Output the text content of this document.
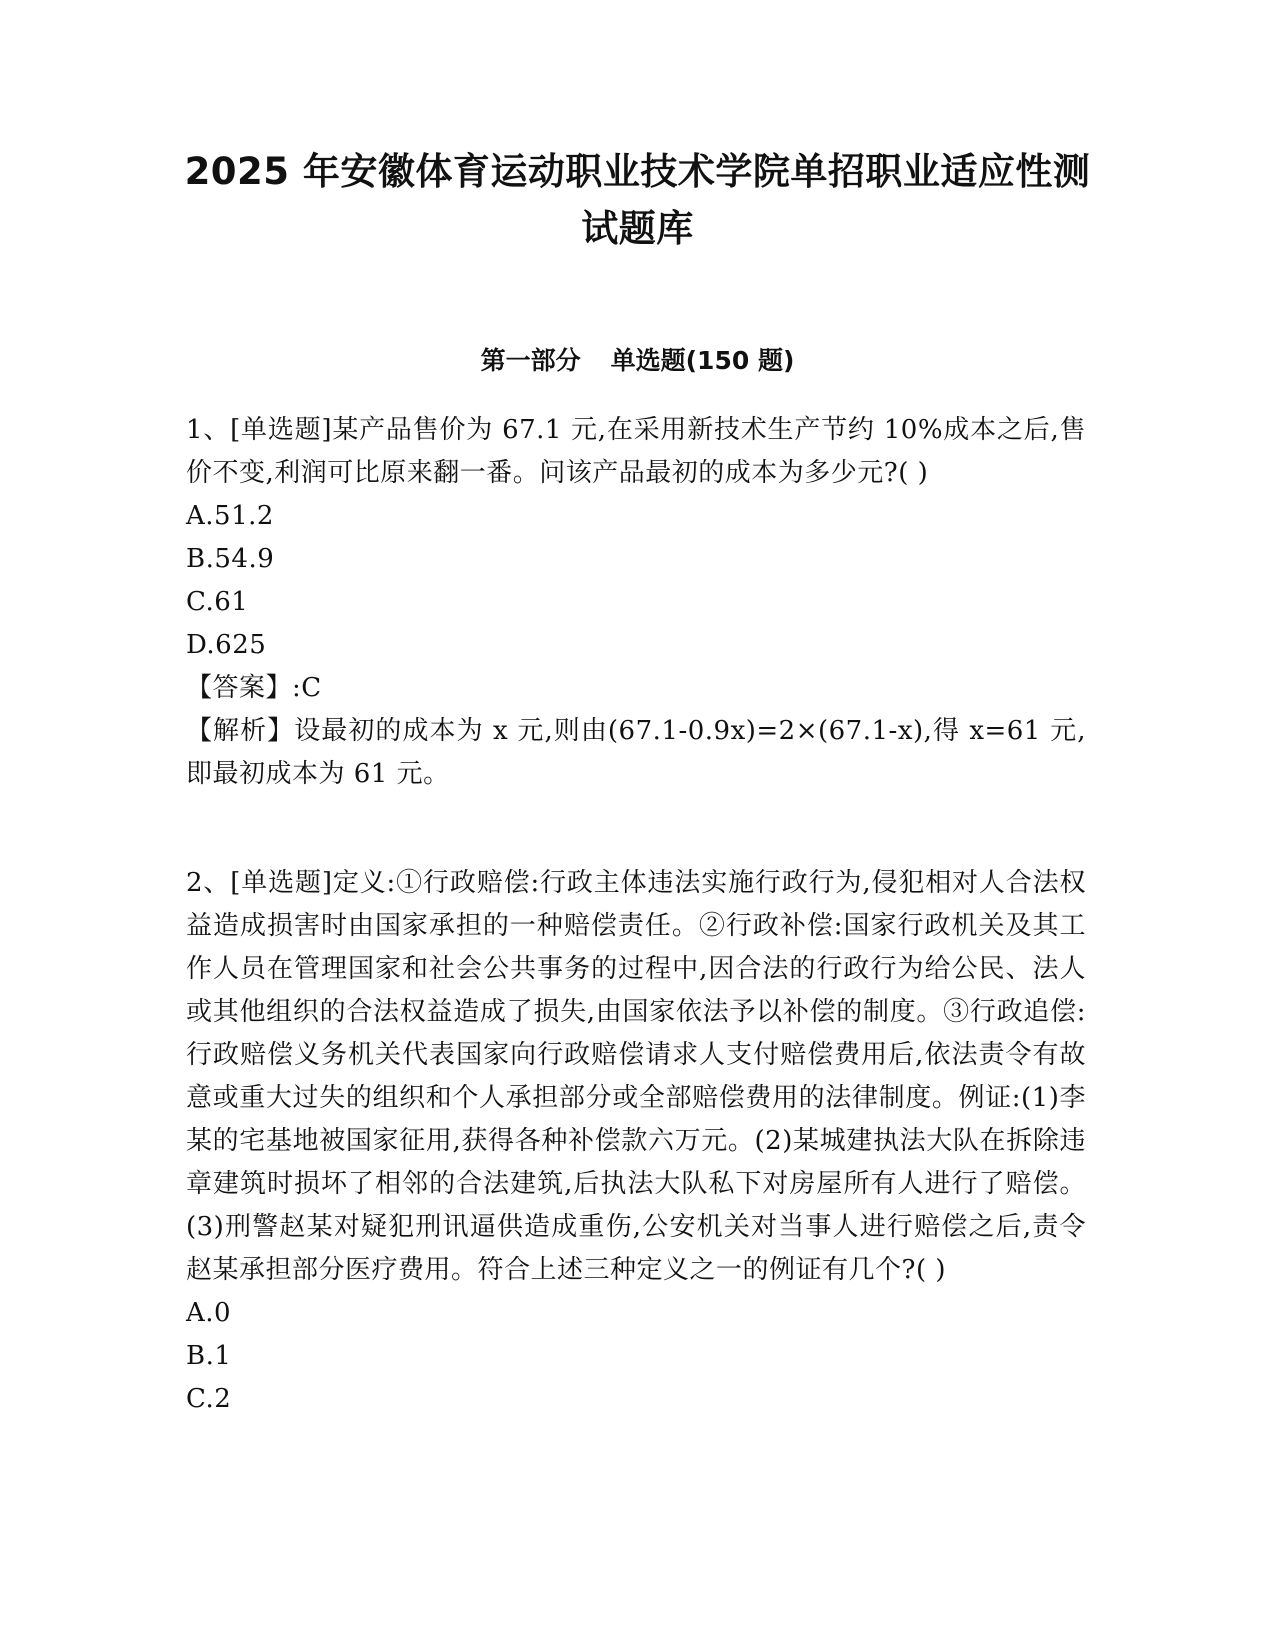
2025 年安徽体育运动职业技术学院单招职业适应性测
试题库
第一部分 单选题(150 题)

1、[单选题]某产品售价为 67.1 元,在采用新技术生产节约 10%成本之后,售价不变,利润可比原来翻一番。问该产品最初的成本为多少元?( )

A.51.2

B.54.9

C.61

D.625

【答案】:C

【解析】设最初的成本为 x 元,则由(67.1-0.9x)=2×(67.1-x),得 x=61 元,即最初成本为 61 元。

2、[单选题]定义:①行政赔偿:行政主体违法实施行政行为,侵犯相对人合法权益造成损害时由国家承担的一种赔偿责任。②行政补偿:国家行政机关及其工作人员在管理国家和社会公共事务的过程中,因合法的行政行为给公民、法人或其他组织的合法权益造成了损失,由国家依法予以补偿的制度。③行政追偿:行政赔偿义务机关代表国家向行政赔偿请求人支付赔偿费用后,依法责令有故意或重大过失的组织和个人承担部分或全部赔偿费用的法律制度。例证:(1)李某的宅基地被国家征用,获得各种补偿款六万元。(2)某城建执法大队在拆除违章建筑时损坏了相邻的合法建筑,后执法大队私下对房屋所有人进行了赔偿。(3)刑警赵某对疑犯刑讯逼供造成重伤,公安机关对当事人进行赔偿之后,责令赵某承担部分医疗费用。符合上述三种定义之一的例证有几个?( )

A.0

B.1

C.2
